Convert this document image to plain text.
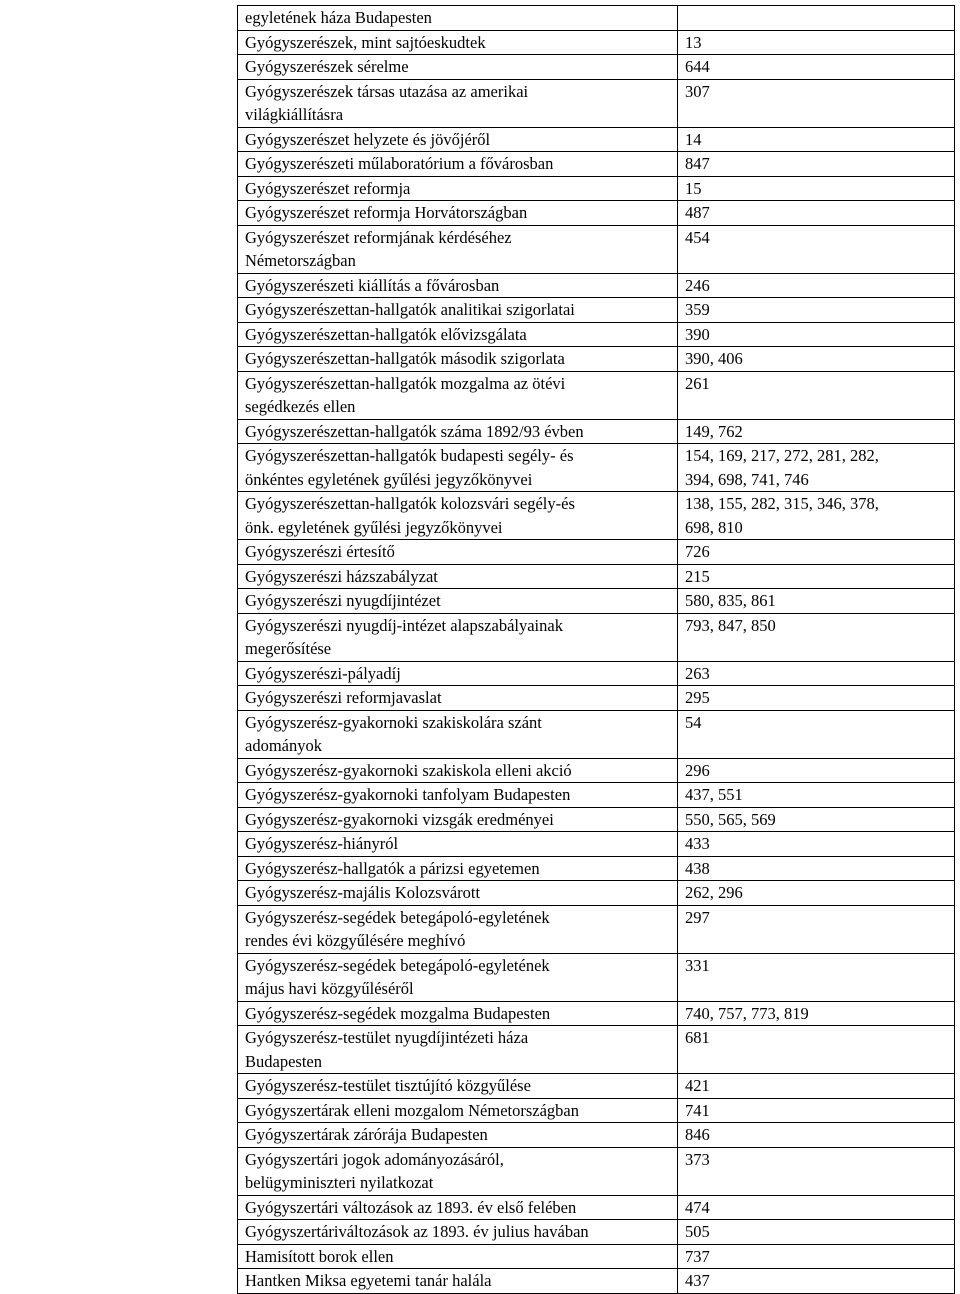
egyletének háza Budapesten	
Gyógyszerészek, mint sajtóeskudtek	13
Gyógyszerészek sérelme	644
Gyógyszerészek társas utazása az amerikai
világkiállításra	307
Gyógyszerészet helyzete és jövőjéről	14
Gyógyszerészeti műlaboratórium a fővárosban	847
Gyógyszerészet reformja	15
Gyógyszerészet reformja Horvátországban	487
Gyógyszerészet reformjának kérdéséhez
Németországban	454
Gyógyszerészeti kiállítás a fővárosban	246
Gyógyszerészettan-hallgatók analitikai szigorlatai	359
Gyógyszerészettan-hallgatók elővizsgálata	390
Gyógyszerészettan-hallgatók második szigorlata	390, 406
Gyógyszerészettan-hallgatók mozgalma az ötévi
segédkezés ellen	261
Gyógyszerészettan-hallgatók száma 1892/93 évben	149, 762
Gyógyszerészettan-hallgatók budapesti segély- és
önkéntes egyletének gyűlési jegyzőkönyvei	154, 169, 217, 272, 281, 282,
394, 698, 741, 746
Gyógyszerészettan-hallgatók kolozsvári segély-és
önk. egyletének gyűlési jegyzőkönyvei	138, 155, 282, 315, 346, 378,
698, 810
Gyógyszerészi értesítő	726
Gyógyszerészi házszabályzat	215
Gyógyszerészi nyugdíjintézet	580, 835, 861
Gyógyszerészi nyugdíj-intézet alapszabályainak
megerősítése	793, 847, 850
Gyógyszerészi-pályadíj	263
Gyógyszerészi reformjavaslat	295
Gyógyszerész-gyakornoki szakiskolára szánt
adományok	54
Gyógyszerész-gyakornoki szakiskola elleni akció	296
Gyógyszerész-gyakornoki tanfolyam Budapesten	437, 551
Gyógyszerész-gyakornoki vizsgák eredményei	550, 565, 569
Gyógyszerész-hiányról	433
Gyógyszerész-hallgatók a párizsi egyetemen	438
Gyógyszerész-majális Kolozsvárott	262, 296
Gyógyszerész-segédek betegápoló-egyletének
rendes évi közgyűlésére meghívó	297
Gyógyszerész-segédek betegápoló-egyletének
május havi közgyűléséről	331
Gyógyszerész-segédek mozgalma Budapesten	740, 757, 773, 819
Gyógyszerész-testület nyugdíjintézeti háza
Budapesten	681
Gyógyszerész-testület tisztújító közgyűlése	421
Gyógyszertárak elleni mozgalom Németországban	741
Gyógyszertárak zárórája Budapesten	846
Gyógyszertári jogok adományozásáról,
belügyminiszteri nyilatkozat	373
Gyógyszertári változások az 1893. év első felében	474
Gyógyszertáriváltozások az 1893. év julius havában	505
Hamisított borok ellen	737
Hantken Miksa egyetemi tanár halála	437
